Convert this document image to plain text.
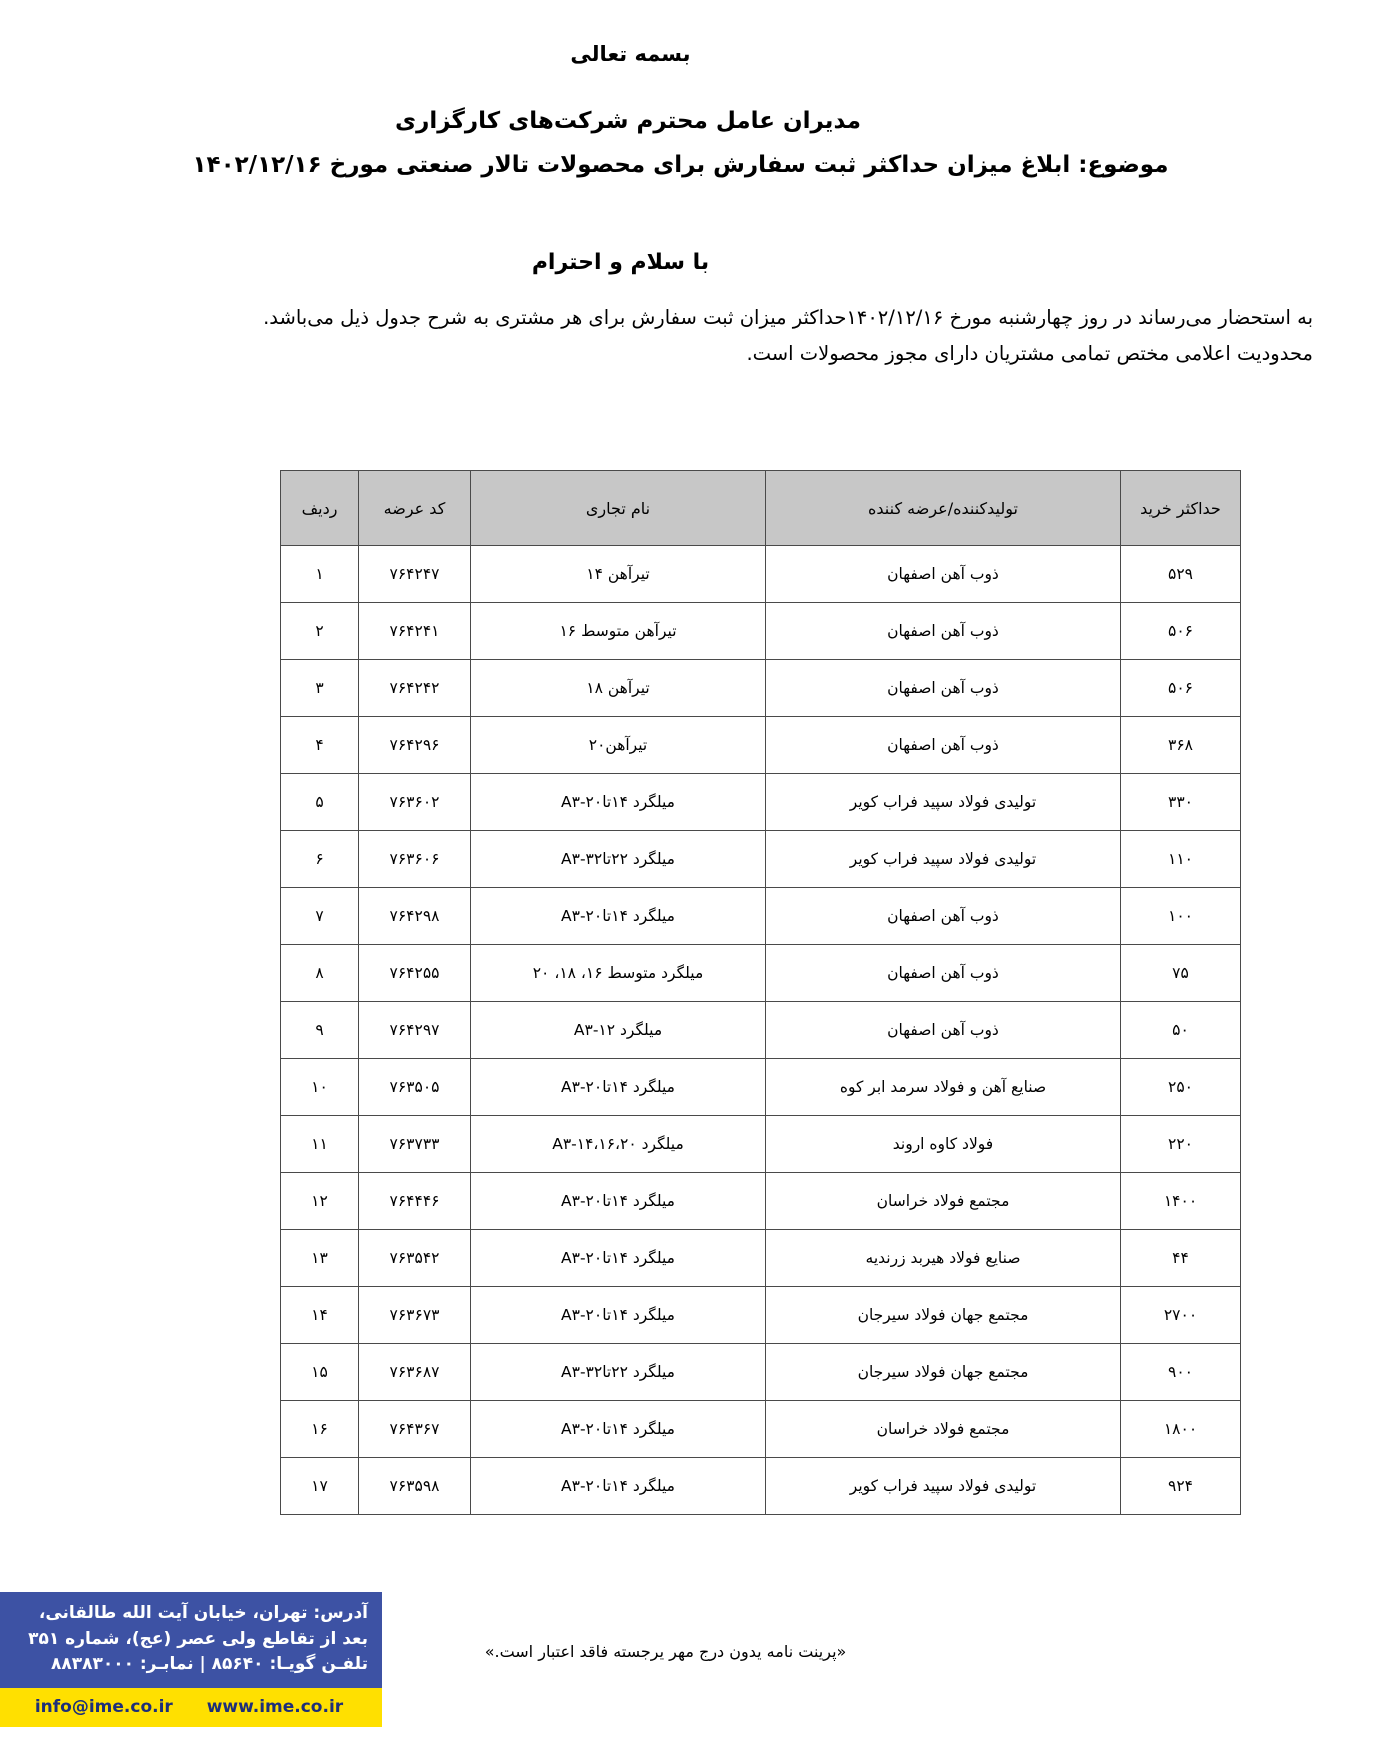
بسمه تعالی
مدیران عامل محترم شرکت‌های کارگزاری
موضوع: ابلاغ میزان حداکثر ثبت سفارش برای محصولات تالار صنعتی مورخ ۱۴۰۲/۱۲/۱۶
با سلام و احترام
به استحضار می‌رساند در روز چهارشنبه مورخ ۱۴۰۲/۱۲/۱۶حداکثر میزان ثبت سفارش برای هر مشتری به شرح جدول ذیل می‌باشد.
محدودیت اعلامی مختص تمامی مشتریان دارای مجوز محصولات است.
حداکثر خرید	تولیدکننده/عرضه کننده	نام تجاری	کد عرضه	ردیف
۵۲۹	ذوب آهن اصفهان	تیرآهن ۱۴	۷۶۴۲۴۷	۱
۵۰۶	ذوب آهن اصفهان	تیرآهن متوسط ۱۶	۷۶۴۲۴۱	۲
۵۰۶	ذوب آهن اصفهان	تیرآهن ۱۸	۷۶۴۲۴۲	۳
۳۶۸	ذوب آهن اصفهان	تیرآهن۲۰	۷۶۴۲۹۶	۴
۳۳۰	تولیدی فولاد سپید فراب کویر	میلگرد ۱۴تا۲۰-A۳	۷۶۳۶۰۲	۵
۱۱۰	تولیدی فولاد سپید فراب کویر	میلگرد ۲۲تا۳۲-A۳	۷۶۳۶۰۶	۶
۱۰۰	ذوب آهن اصفهان	میلگرد ۱۴تا۲۰-A۳	۷۶۴۲۹۸	۷
۷۵	ذوب آهن اصفهان	میلگرد متوسط ۱۶، ۱۸، ۲۰	۷۶۴۲۵۵	۸
۵۰	ذوب آهن اصفهان	میلگرد ۱۲-A۳	۷۶۴۲۹۷	۹
۲۵۰	صنایع آهن و فولاد سرمد ابر کوه	میلگرد ۱۴تا۲۰-A۳	۷۶۳۵۰۵	۱۰
۲۲۰	فولاد کاوه اروند	میلگرد ۱۴،۱۶،۲۰-A۳	۷۶۳۷۳۳	۱۱
۱۴۰۰	مجتمع فولاد خراسان	میلگرد ۱۴تا۲۰-A۳	۷۶۴۴۴۶	۱۲
۴۴	صنایع فولاد هیربد زرندیه	میلگرد ۱۴تا۲۰-A۳	۷۶۳۵۴۲	۱۳
۲۷۰۰	مجتمع جهان فولاد سیرجان	میلگرد ۱۴تا۲۰-A۳	۷۶۳۶۷۳	۱۴
۹۰۰	مجتمع جهان فولاد سیرجان	میلگرد ۲۲تا۳۲-A۳	۷۶۳۶۸۷	۱۵
۱۸۰۰	مجتمع فولاد خراسان	میلگرد ۱۴تا۲۰-A۳	۷۶۴۳۶۷	۱۶
۹۲۴	تولیدی فولاد سپید فراب کویر	میلگرد ۱۴تا۲۰-A۳	۷۶۳۵۹۸	۱۷
«پرینت نامه یدون درج مهر یرجسته فاقد اعتبار است.»
آدرس: تهران، خیابان آیت الله طالقانی،
بعد از تقاطع ولی عصر (عج)، شماره ۳۵۱
تلفـن گویـا: ۸۵۶۴۰ | نمابـر: ۸۸۳۸۳۰۰۰
info@ime.co.ir www.ime.co.ir
